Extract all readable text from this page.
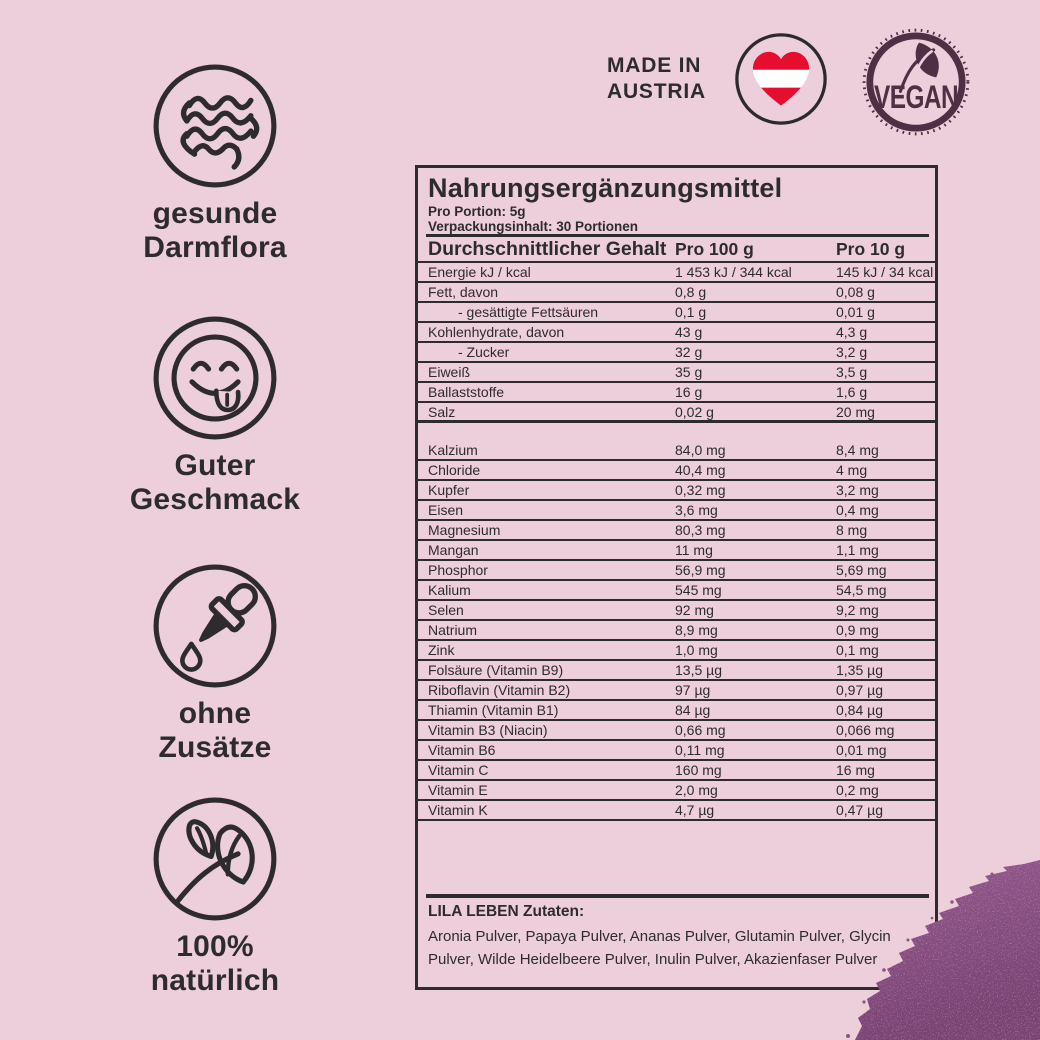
gesunde
Darmflora
Guter
Geschmack
ohne
Zusätze
100%
natürlich
MADE IN
AUSTRIA	VEGAN
Nahrungsergänzungsmittel
Pro Portion: 5g
Verpackungsinhalt: 30 Portionen
Durchschnittlicher Gehalt Pro 100 g	Pro 10 g
Energie kJ / kcal	1 453 kJ / 344 kcal	145 kJ / 34 kcal
Fett, davon	0,8 g	0,08 g
- gesättigte Fettsäuren	0,1 g	0,01 g
Kohlenhydrate, davon	43 g	4,3 g
- Zucker	32 g	3,2 g
Eiweiß	35 g	3,5 g
Ballaststoffe	16 g	1,6 g
Salz	0,02 g	20 mg
Kalzium	84,0 mg	8,4 mg
Chloride	40,4 mg	4 mg
Kupfer	0,32 mg	3,2 mg
Eisen	3,6 mg	0,4 mg
Magnesium	80,3 mg	8 mg
Mangan	11 mg	1,1 mg
Phosphor	56,9 mg	5,69 mg
Kalium	545 mg	54,5 mg
Selen	92 mg	9,2 mg
Natrium	8,9 mg	0,9 mg
Zink	1,0 mg	0,1 mg
Folsäure (Vitamin B9)	13,5 µg	1,35 µg
Riboflavin (Vitamin B2)	97 µg	0,97 µg
Thiamin (Vitamin B1)	84 µg	0,84 µg
Vitamin B3 (Niacin)	0,66 mg	0,066 mg
Vitamin B6	0,11 mg	0,01 mg
Vitamin C	160 mg	16 mg
Vitamin E	2,0 mg	0,2 mg
Vitamin K	4,7 µg	0,47 µg
LILA LEBEN Zutaten:
Aronia Pulver, Papaya Pulver, Ananas Pulver, Glutamin Pulver, Glycin Pulver, Wilde Heidelbeere Pulver, Inulin Pulver, Akazienfaser Pulver
